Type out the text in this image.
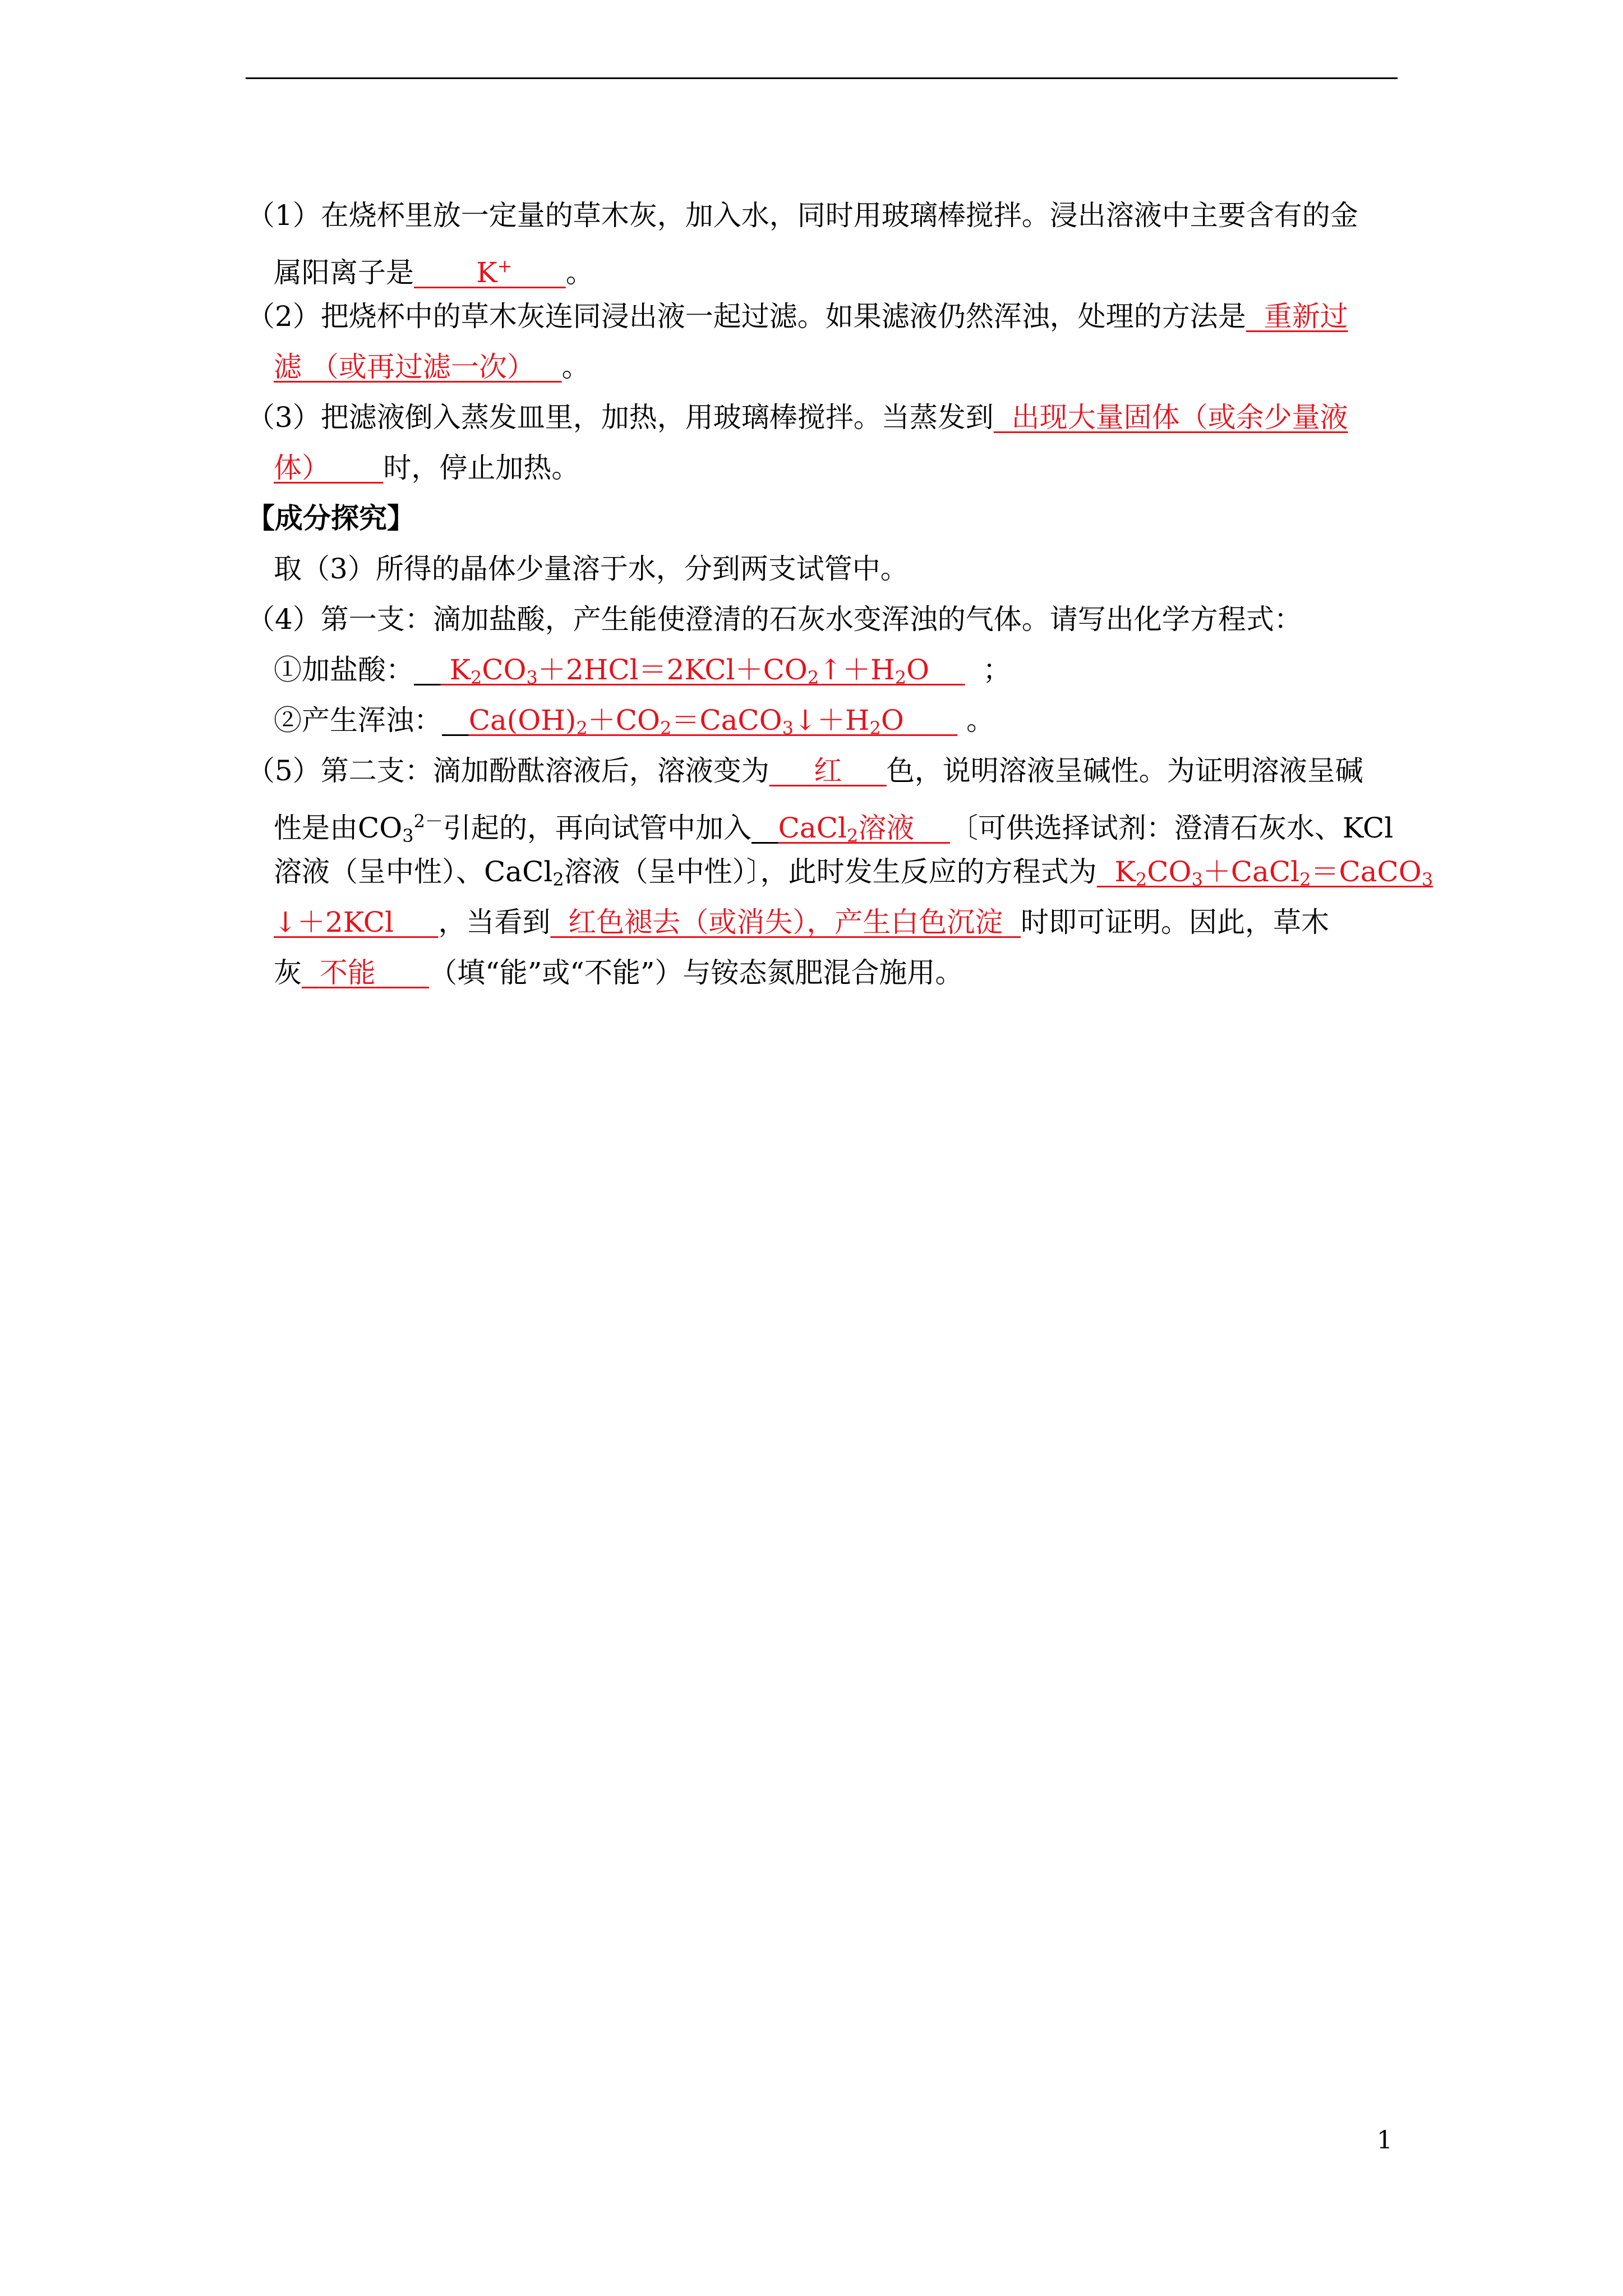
（1）在烧杯里放一定量的草木灰，加入水，同时用玻璃棒搅拌。浸出溶液中主要含有的金
属阳离子是 K+ 。
（2）把烧杯中的草木灰连同浸出液一起过滤。如果滤液仍然浑浊，处理的方法是 重新过
滤 （或再过滤一次） 。
（3）把滤液倒入蒸发皿里，加热，用玻璃棒搅拌。当蒸发到 出现大量固体（或余少量液
体） 时，停止加热。
【成分探究】
取（3）所得的晶体少量溶于水，分到两支试管中。
（4）第一支：滴加盐酸，产生能使澄清的石灰水变浑浊的气体。请写出化学方程式：
①加盐酸：    $K_2CO_3+2HCl=2KCl+CO_2↑+H_2O$      ；
②产生浑浊： $Ca(OH)_2+CO_2=CaCO_3↓+H_2O$       。
（5）第二支：滴加酚酞溶液后，溶液变为 红 色，说明溶液呈碱性。为证明溶液呈碱
性是由$CO_3^{2-}$引起的，再向试管中加入 CaCl$_2$溶液 〔可供选择试剂：澄清石灰水、KCl
溶液（呈中性）、CaCl$_2$溶液（呈中性）〕，此时发生反应的方程式为  $K_2CO_3+CaCl_2=CaCO_3$
↓＋2KCl     ，当看到 红色褪去（或消失），产生白色沉淀 时即可证明。因此，草木
灰 不能 （填“能”或“不能”）与铵态氮肥混合施用。
1
